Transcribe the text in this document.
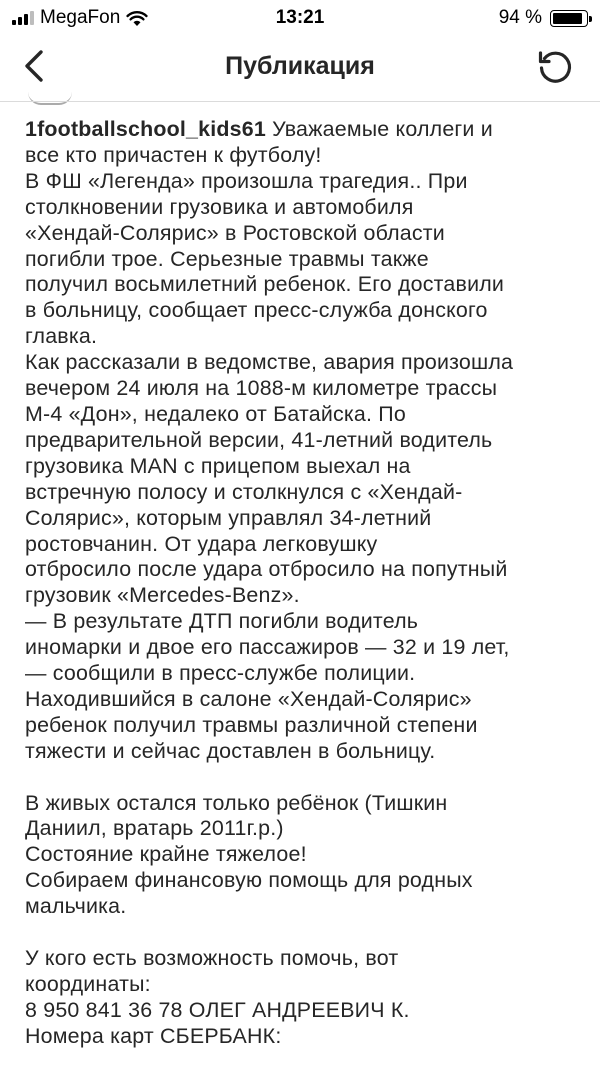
MegaFon	13:21	94 %
Публикация

1footballschool_kids61 Уважаемые коллеги и
все кто причастен к футболу!

В ФШ «Легенда» произошла трагедия.. При
столкновении грузовика и автомобиля
«Хендай-Солярис» в Ростовской области
погибли трое. Серьезные травмы также
получил восьмилетний ребенок. Его доставили
в больницу, сообщает пресс-служба донского
главка.

Как рассказали в ведомстве, авария произошла
вечером 24 июля на 1088-м километре трассы
М-4 «Дон», недалеко от Батайска. По
предварительной версии, 41-летний водитель
грузовика MAN с прицепом выехал на
встречную полосу и столкнулся с «Хендай-
Солярис», которым управлял 34-летний
ростовчанин. От удара легковушку
отбросило после удара отбросило на попутный
грузовик «Mercedes-Benz».

— В результате ДТП погибли водитель
иномарки и двое его пассажиров — 32 и 19 лет,
— сообщили в пресс-службе полиции.

Находившийся в салоне «Хендай-Солярис»
ребенок получил травмы различной степени
тяжести и сейчас доставлен в больницу.

В живых остался только ребёнок (Тишкин
Даниил, вратарь 2011г.р.)

Состояние крайне тяжелое!

Собираем финансовую помощь для родных
мальчика.

У кого есть возможность помочь, вот
координаты:

8 950 841 36 78 ОЛЕГ АНДРЕЕВИЧ К.

Номера карт СБЕРБАНК:
